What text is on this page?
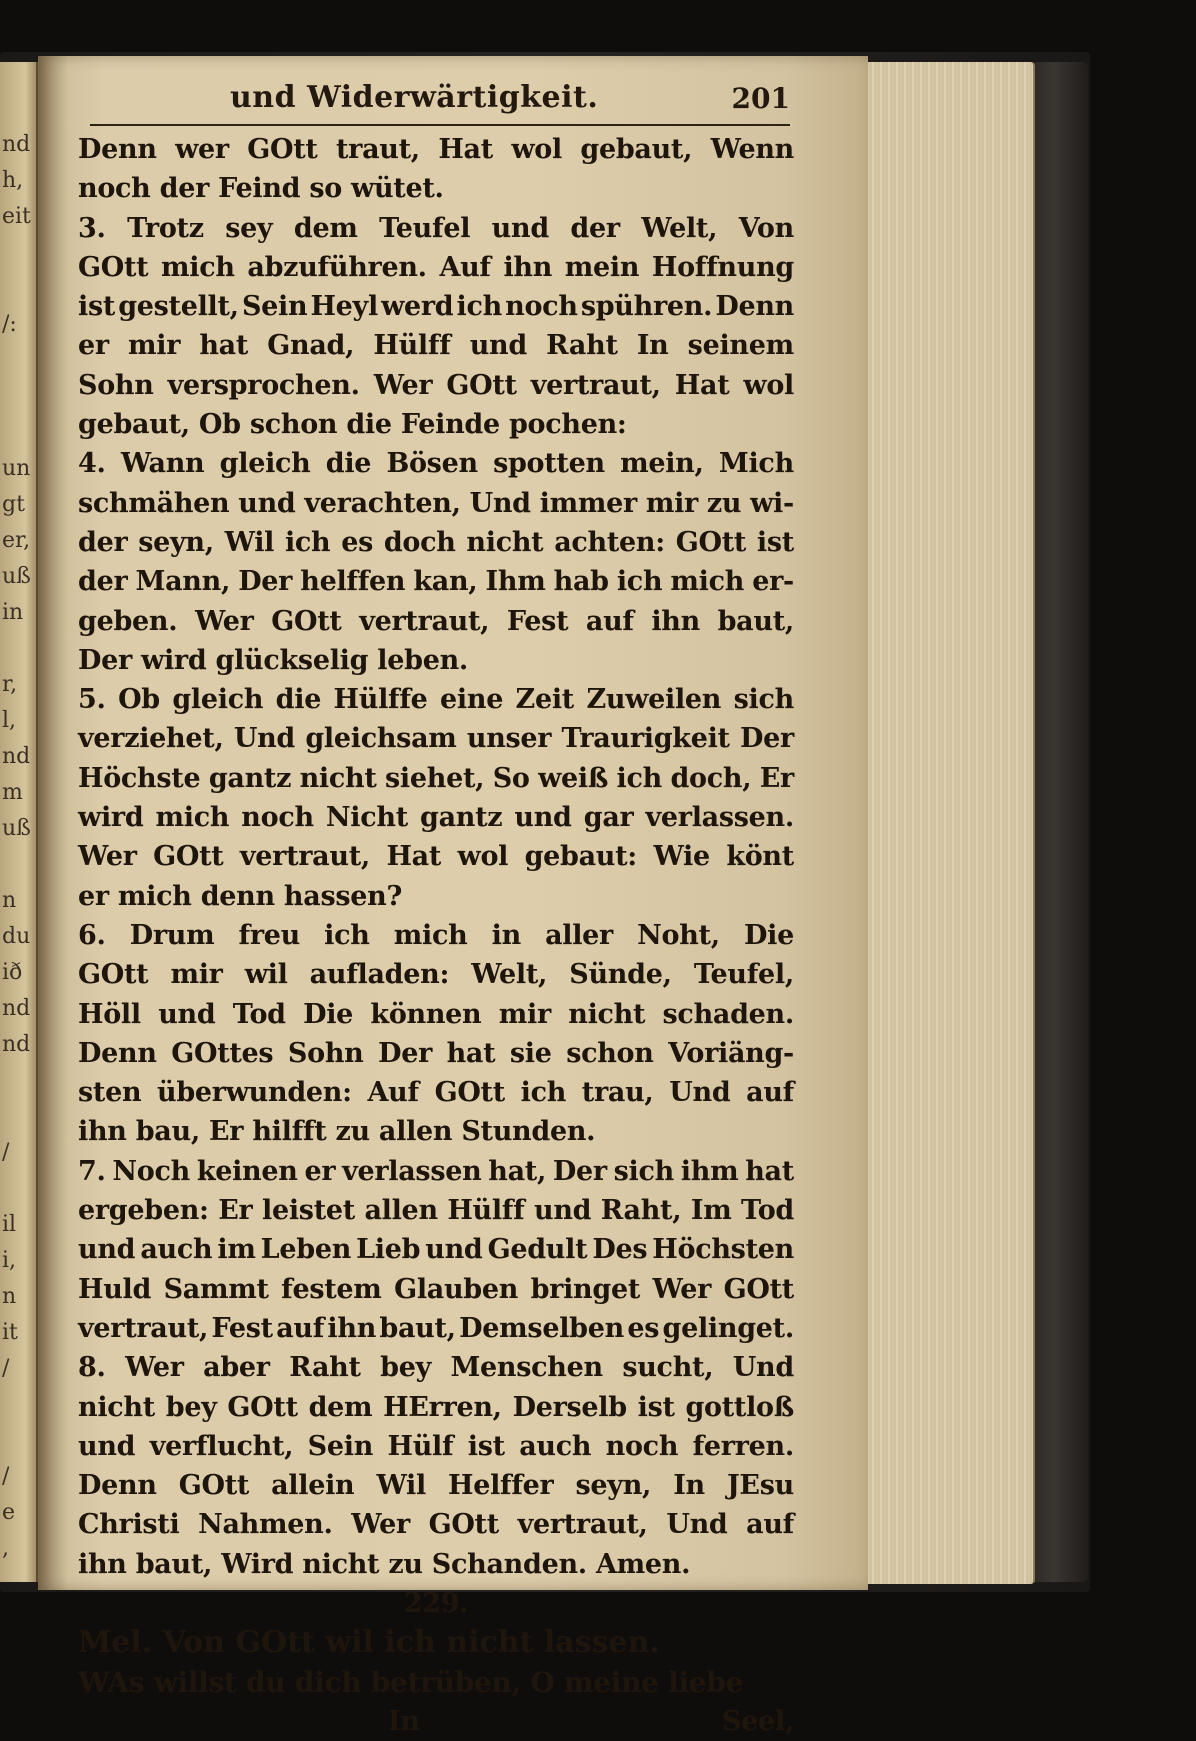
nd
h,
eit
/:
un
gt
er,
uß
in
r,
l,
nd
m
uß
n
du
ið
nd
nd
/
il
i,
n
it
/
/
e
,
und Widerwärtigkeit.	201
Denn wer GOtt traut, Hat wol gebaut, Wenn
noch der Feind so wütet.
3. Trotz sey dem Teufel und der Welt, Von
GOtt mich abzuführen. Auf ihn mein Hoffnung
ist gestellt, Sein Heyl werd ich noch spühren. Denn
er mir hat Gnad, Hülff und Raht In seinem
Sohn versprochen. Wer GOtt vertraut, Hat wol
gebaut, Ob schon die Feinde pochen:
4. Wann gleich die Bösen spotten mein, Mich
schmähen und verachten, Und immer mir zu wi-
der seyn, Wil ich es doch nicht achten: GOtt ist
der Mann, Der helffen kan, Ihm hab ich mich er-
geben. Wer GOtt vertraut, Fest auf ihn baut,
Der wird glückselig leben.
5. Ob gleich die Hülffe eine Zeit Zuweilen sich
verziehet, Und gleichsam unser Traurigkeit Der
Höchste gantz nicht siehet, So weiß ich doch, Er
wird mich noch Nicht gantz und gar verlassen.
Wer GOtt vertraut, Hat wol gebaut: Wie könt
er mich denn hassen?
6. Drum freu ich mich in aller Noht, Die
GOtt mir wil aufladen: Welt, Sünde, Teufel,
Höll und Tod Die können mir nicht schaden.
Denn GOttes Sohn Der hat sie schon Voriäng-
sten überwunden: Auf GOtt ich trau, Und auf
ihn bau, Er hilfft zu allen Stunden.
7. Noch keinen er verlassen hat, Der sich ihm hat
ergeben: Er leistet allen Hülff und Raht, Im Tod
und auch im Leben Lieb und Gedult Des Höchsten
Huld Sammt festem Glauben bringet Wer GOtt
vertraut, Fest auf ihn baut, Demselben es gelinget.
8. Wer aber Raht bey Menschen sucht, Und
nicht bey GOtt dem HErren, Derselb ist gottloß
und verflucht, Sein Hülf ist auch noch ferren.
Denn GOtt allein Wil Helffer seyn, In JEsu
Christi Nahmen. Wer GOtt vertraut, Und auf
ihn baut, Wird nicht zu Schanden. Amen.
229.
Mel. Von GOtt wil ich nicht lassen.
WAs willst du dich betrüben, O meine liebe
In	Seel,
